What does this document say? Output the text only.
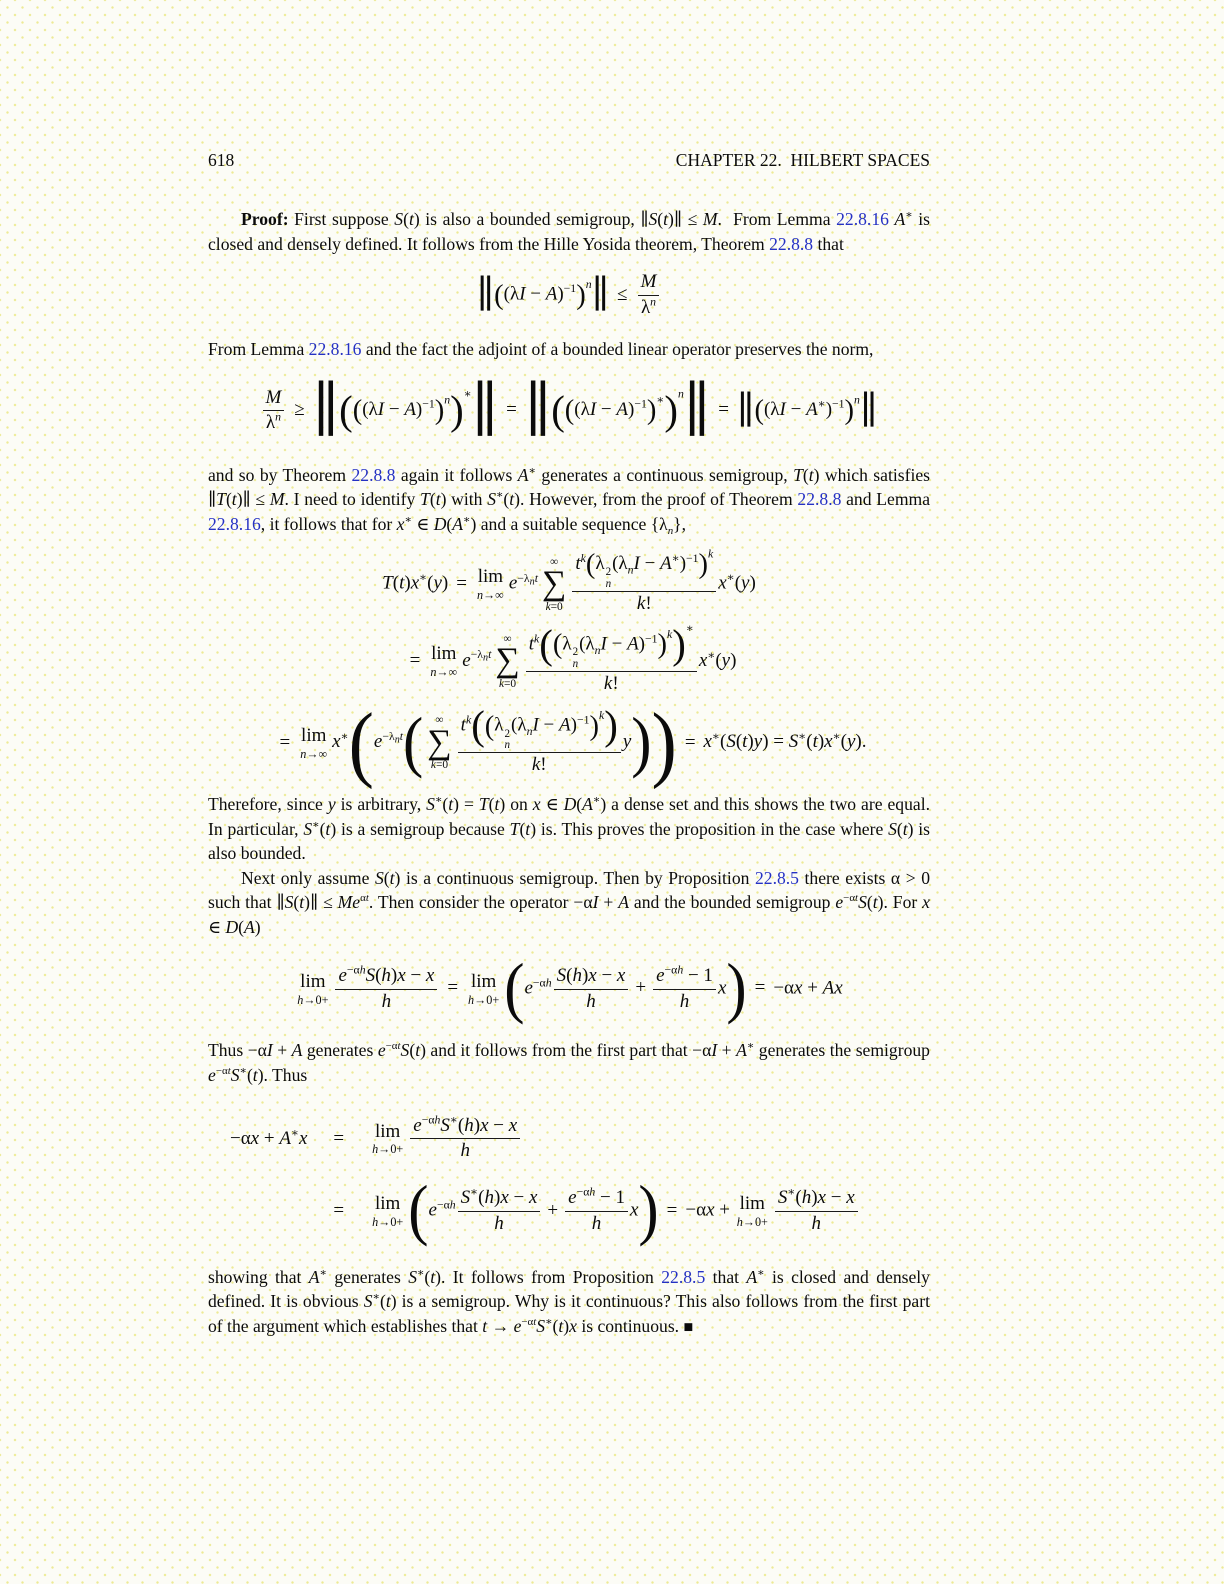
618	CHAPTER 22.  HILBERT SPACES

Proof: First suppose S(t) is also a bounded semigroup, ∥S(t)∥ ≤ M.  From Lemma 22.8.16 A∗ is closed and densely defined. It follows from the Hille Yosida theorem, Theorem 22.8.8 that

∥((λI − A)$^{-1}$)$^n$∥ ≤ $\frac{M}{\lambda^n}$

From Lemma 22.8.16 and the fact the adjoint of a bounded linear operator preserves the norm,

$\frac{M}{\lambda^n}$ ≥ ∥(((λI − A)$^{-1}$)$^n$)∗∥ = ∥(((λI − A)$^{-1}$)∗)$^n$∥ = ∥((λI − A∗)$^{-1}$)$^n$∥

and so by Theorem 22.8.8 again it follows A∗ generates a continuous semigroup, T(t) which satisfies ∥T(t)∥ ≤ M. I need to identify T(t) with S∗(t). However, from the proof of Theorem 22.8.8 and Lemma 22.8.16, it follows that for x∗ ∈ D(A∗) and a suitable sequence $\{\lambda_n\}$,

T(t)x∗(y) = lim
n→∞
$e^{-\lambda_nt}$
∞
∑
k=0 $t^k(\lambda$ 2
n
$(\lambda_nI - A^∗)^{-1})^k$
k! x∗(y)
= lim
n→∞
$e^{-\lambda_nt}$
∞
∑
k=0 $t^k((\lambda$ 2
n
$(\lambda_nI - A)^{-1})^k)^∗$
k! x∗(y)
= lim
n→∞
$x^∗(e^{-\lambda_nt}$( ∞
∑
k=0 $t^k((\lambda$ 2
n
$(\lambda_nI - A)^{-1})^k$)
k! y)) = x∗(S(t)y) = S∗(t)x∗(y).

Therefore, since y is arbitrary, S∗(t) = T(t) on x ∈ D(A∗) a dense set and this shows the two are equal. In particular, S∗(t) is a semigroup because T(t) is. This proves the proposition in the case where S(t) is also bounded.

Next only assume S(t) is a continuous semigroup. Then by Proposition 22.8.5 there exists α > 0 such that ∥S(t)∥ ≤ $Me^{\alpha t}$. Then consider the operator −αI + A and the bounded semigroup $e^{-\alpha t}S(t)$. For x ∈ D(A)

lim
$h\to 0+ \frac{e^{-\alpha h}S(h)x - x}{h} = \lim$
$h\to 0+ (e^{-\alpha h} \frac{S(h)x - x}{h} + \frac{e^{-\alpha h} - 1}{h} x) = -\alpha x + Ax$

Thus −αI + A generates $e^{-\alpha t}S(t)$ and it follows from the first part that −αI + A∗ generates the semigroup $e^{-\alpha t}S^∗(t)$. Thus

−αx + A∗x = lim
$h\to 0+ \frac{e^{-\alpha h}S^∗(h)x - x}{h}$
= lim
$h\to 0+ (e^{-\alpha h} \frac{S^∗(h)x - x}{h} + \frac{e^{-\alpha h} - 1}{h} x) = -\alpha x + \lim$
$h\to 0+ \frac{S^∗(h)x - x}{h}$

showing that A∗ generates S∗(t). It follows from Proposition 22.8.5 that A∗ is closed and densely defined. It is obvious S∗(t) is a semigroup. Why is it continuous? This also follows from the first part of the argument which establishes that $t \to e^{-\alpha t}S^∗(t)x$ is continuous. ■
